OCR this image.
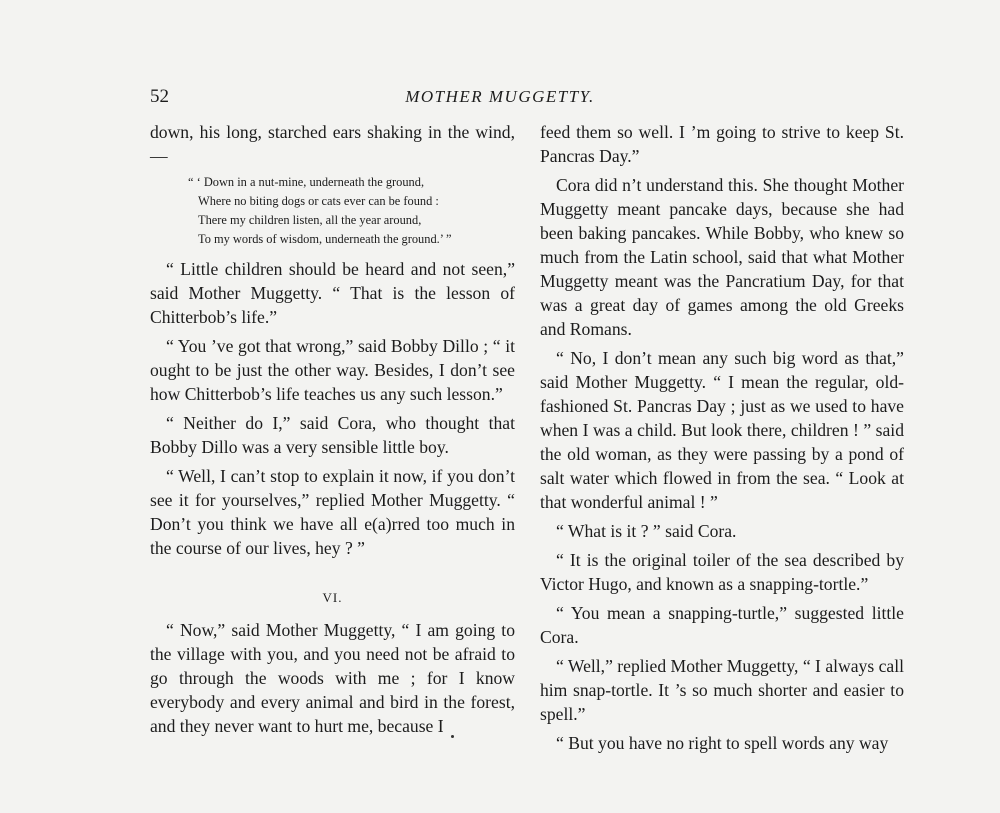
52	MOTHER MUGGETTY.

down, his long, starched ears shaking in the wind, —

“ ‘ Down in a nut-mine, underneath the ground,
Where no biting dogs or cats ever can be found :
There my children listen, all the year around,
To my words of wisdom, underneath the ground.’ ”

“ Little children should be heard and not seen,” said Mother Muggetty. “ That is the lesson of Chitterbob’s life.”

“ You ’ve got that wrong,” said Bobby Dillo ; “ it ought to be just the other way. Besides, I don’t see how Chitterbob’s life teaches us any such lesson.”

“ Neither do I,” said Cora, who thought that Bobby Dillo was a very sensible little boy.

“ Well, I can’t stop to explain it now, if you don’t see it for yourselves,” replied Mother Muggetty. “ Don’t you think we have all e(a)rred too much in the course of our lives, hey ? ”

VI.

“ Now,” said Mother Muggetty, “ I am going to the village with you, and you need not be afraid to go through the woods with me ; for I know everybody and every animal and bird in the forest, and they never want to hurt me, because I

feed them so well. I ’m going to strive to keep St. Pancras Day.”

Cora did n’t understand this. She thought Mother Muggetty meant pancake days, because she had been baking pancakes. While Bobby, who knew so much from the Latin school, said that what Mother Muggetty meant was the Pancratium Day, for that was a great day of games among the old Greeks and Romans.

“ No, I don’t mean any such big word as that,” said Mother Muggetty. “ I mean the regular, old-fashioned St. Pancras Day ; just as we used to have when I was a child. But look there, children ! ” said the old woman, as they were passing by a pond of salt water which flowed in from the sea. “ Look at that wonderful animal ! ”

“ What is it ? ” said Cora.

“ It is the original toiler of the sea described by Victor Hugo, and known as a snapping-tortle.”

“ You mean a snapping-turtle,” suggested little Cora.

“ Well,” replied Mother Muggetty, “ I always call him snap-tortle. It ’s so much shorter and easier to spell.”

“ But you have no right to spell words any way
